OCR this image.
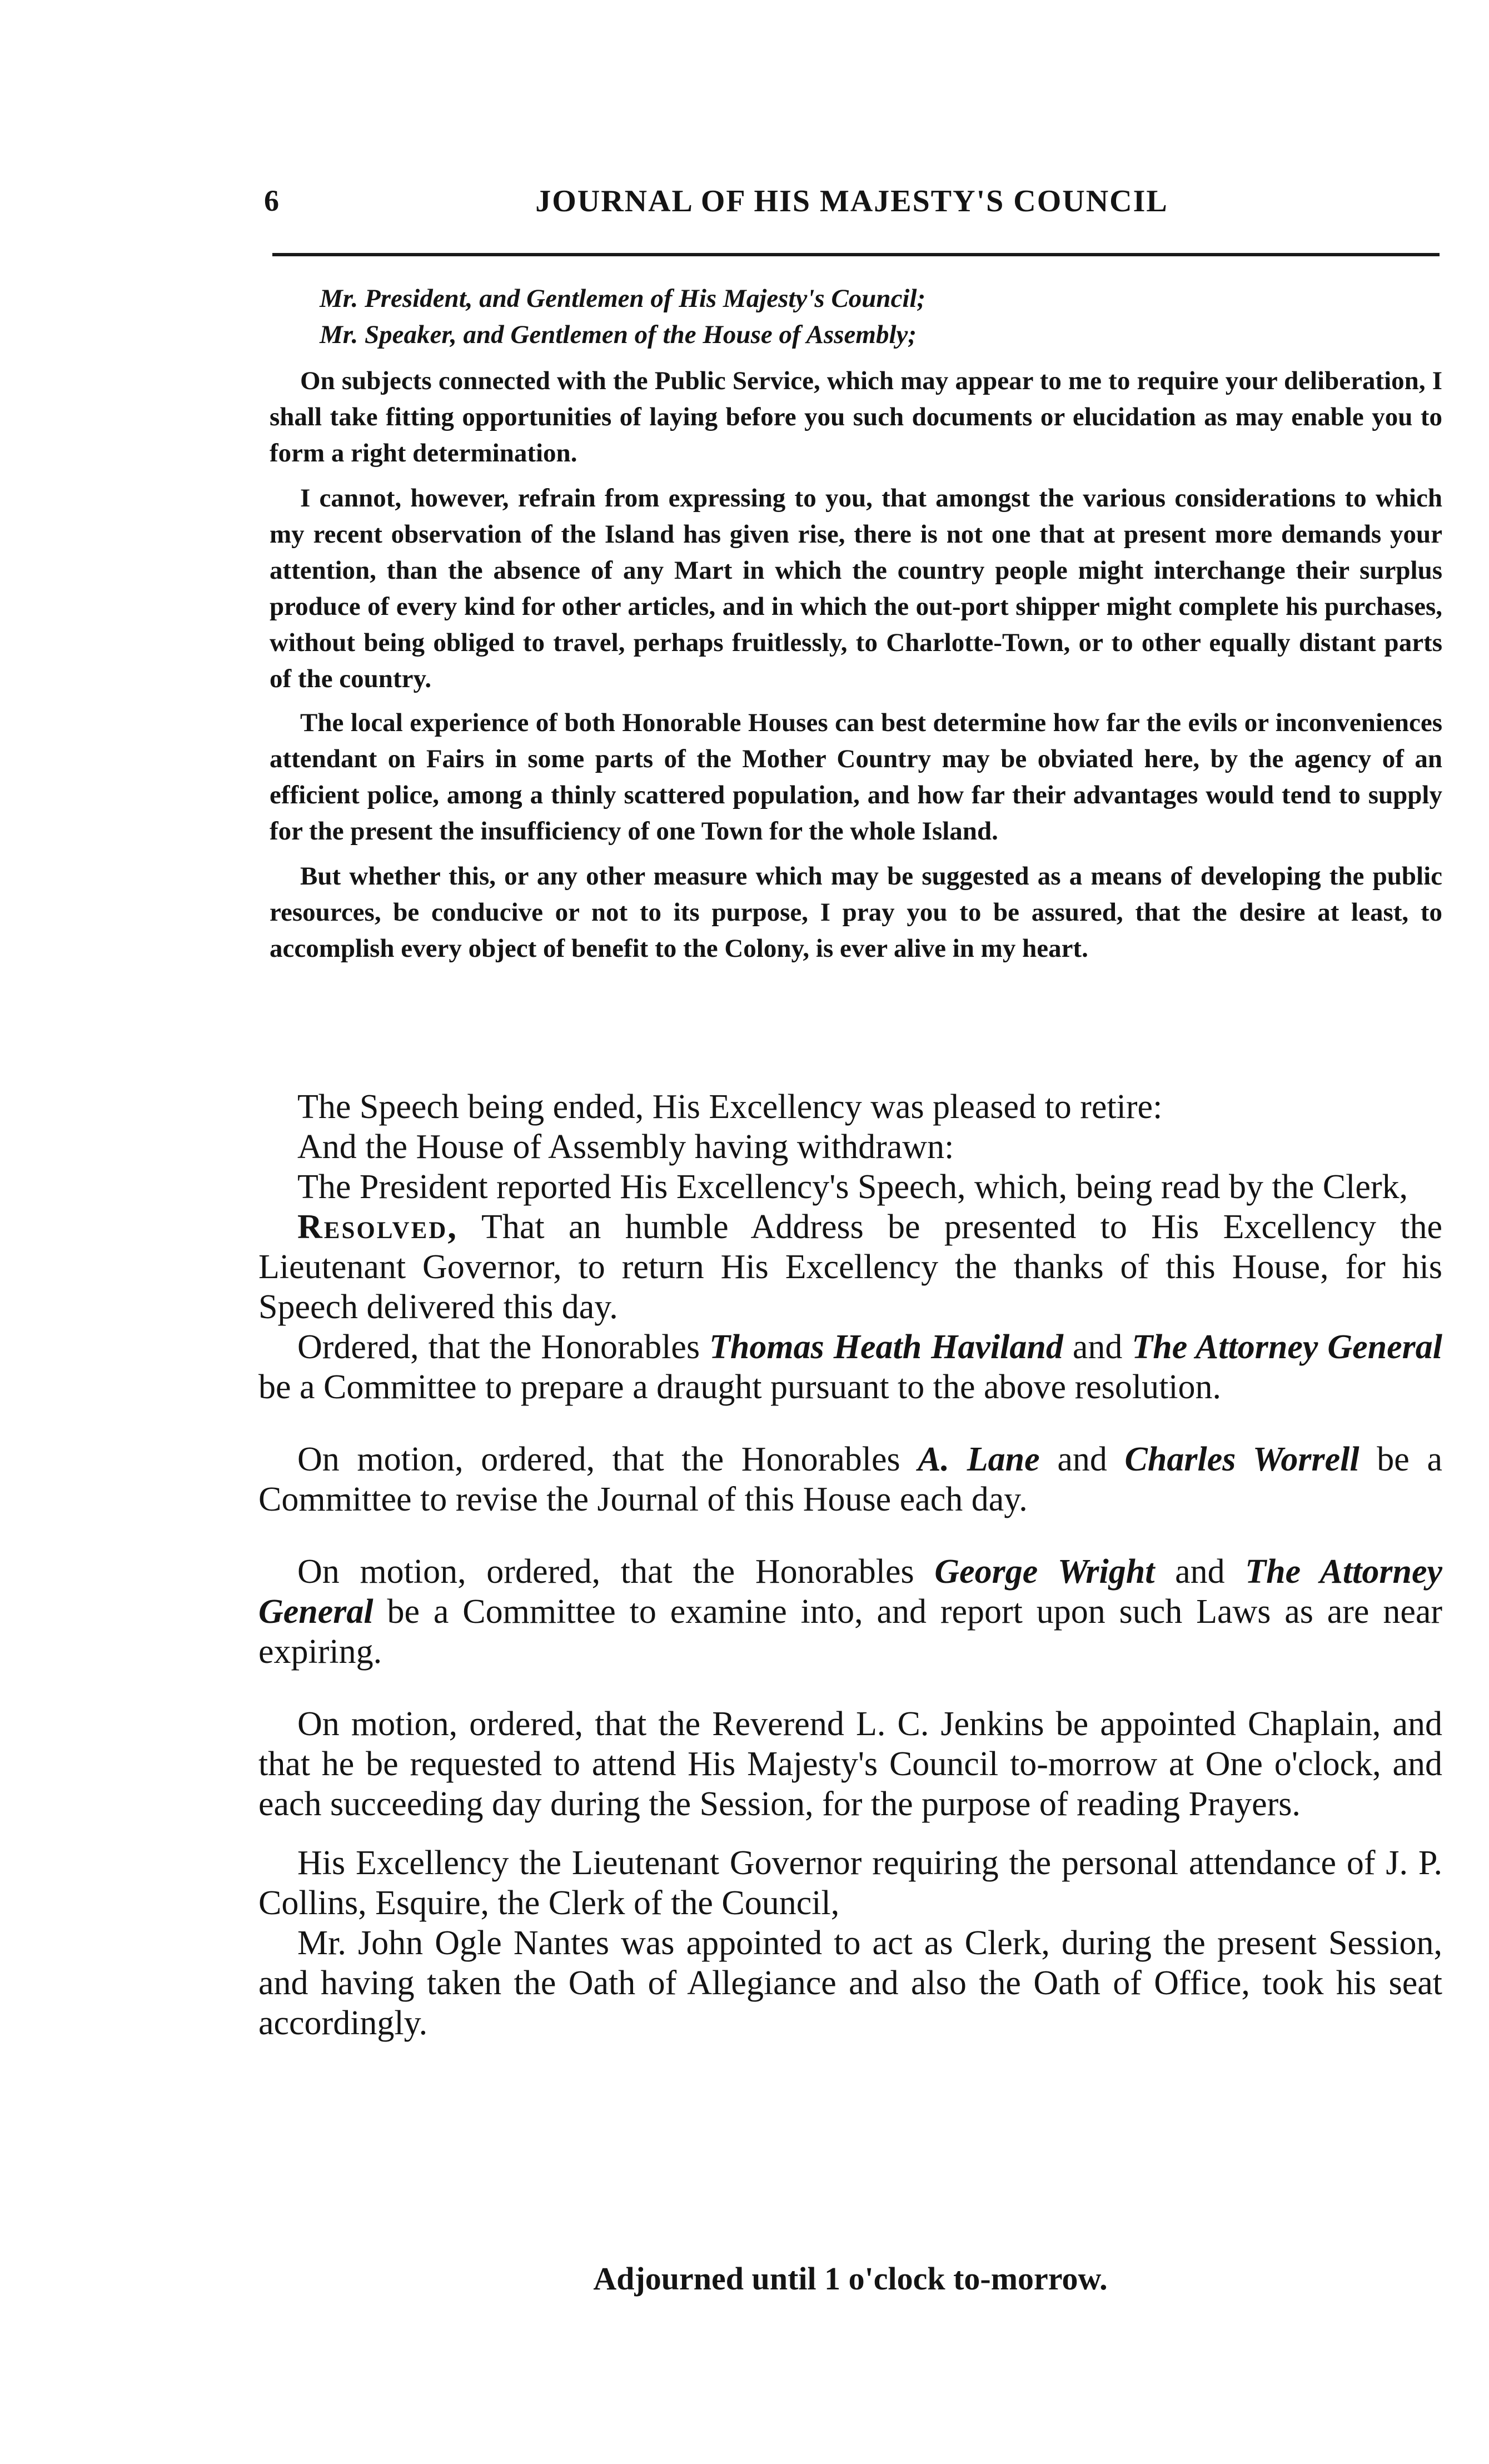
6	JOURNAL OF HIS MAJESTY'S COUNCIL
Mr. President, and Gentlemen of His Majesty's Council;
Mr. Speaker, and Gentlemen of the House of Assembly;

On subjects connected with the Public Service, which may appear to me to require your deliberation, I shall take fitting opportunities of laying before you such documents or elucidation as may enable you to form a right determination.

I cannot, however, refrain from expressing to you, that amongst the various considerations to which my recent observation of the Island has given rise, there is not one that at present more demands your attention, than the absence of any Mart in which the country people might interchange their surplus produce of every kind for other articles, and in which the out-port shipper might complete his purchases, without being obliged to travel, perhaps fruitlessly, to Charlotte-Town, or to other equally distant parts of the country.

The local experience of both Honorable Houses can best determine how far the evils or inconveniences attendant on Fairs in some parts of the Mother Country may be obviated here, by the agency of an efficient police, among a thinly scattered population, and how far their advantages would tend to supply for the present the insufficiency of one Town for the whole Island.

But whether this, or any other measure which may be suggested as a means of developing the public resources, be conducive or not to its purpose, I pray you to be assured, that the desire at least, to accomplish every object of benefit to the Colony, is ever alive in my heart.

The Speech being ended, His Excellency was pleased to retire:

And the House of Assembly having withdrawn:

The President reported His Excellency's Speech, which, being read by the Clerk,

Resolved, That an humble Address be presented to His Excellency the Lieutenant Governor, to return His Excellency the thanks of this House, for his Speech delivered this day.

Ordered, that the Honorables Thomas Heath Haviland and The Attorney General be a Committee to prepare a draught pursuant to the above resolution.

On motion, ordered, that the Honorables A. Lane and Charles Worrell be a Committee to revise the Journal of this House each day.

On motion, ordered, that the Honorables George Wright and The Attorney General be a Committee to examine into, and report upon such Laws as are near expiring.

On motion, ordered, that the Reverend L. C. Jenkins be appointed Chaplain, and that he be requested to attend His Majesty's Council to-morrow at One o'clock, and each succeeding day during the Session, for the purpose of reading Prayers.

His Excellency the Lieutenant Governor requiring the personal attendance of J. P. Collins, Esquire, the Clerk of the Council,

Mr. John Ogle Nantes was appointed to act as Clerk, during the present Session, and having taken the Oath of Allegiance and also the Oath of Office, took his seat accordingly.

Adjourned until 1 o'clock to-morrow.
